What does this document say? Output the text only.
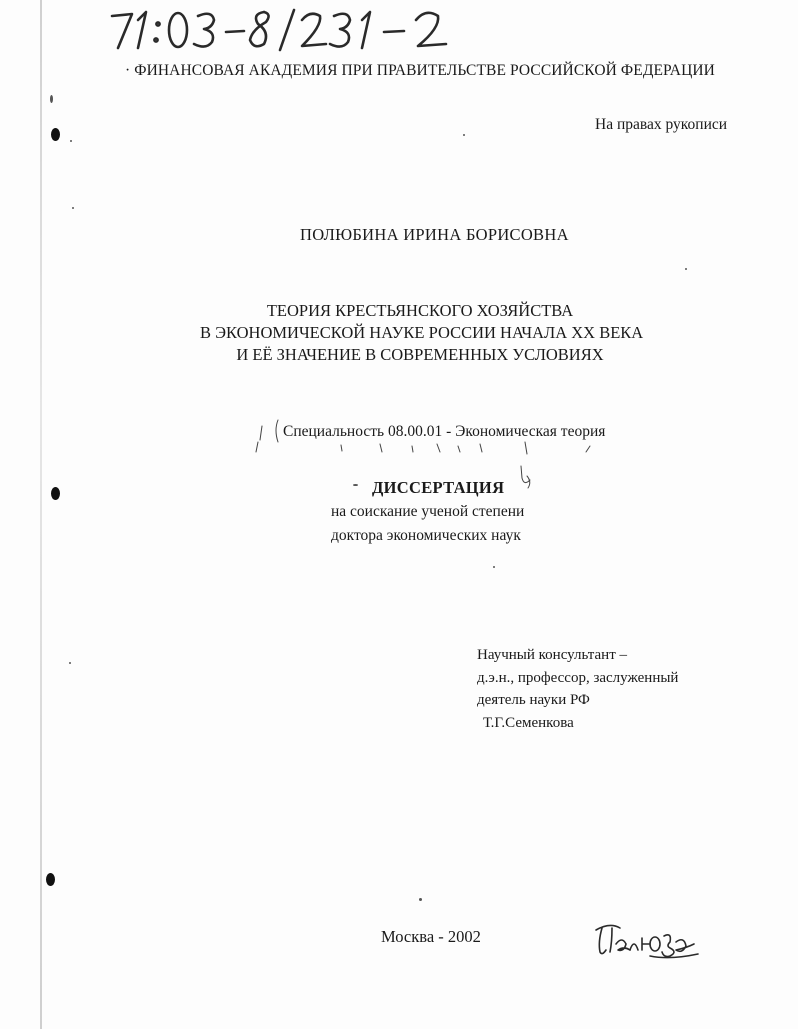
· ФИНАНСОВАЯ АКАДЕМИЯ ПРИ ПРАВИТЕЛЬСТВЕ РОССИЙСКОЙ ФЕДЕРАЦИИ
На правах рукописи
ПОЛЮБИНА ИРИНА БОРИСОВНА
ТЕОРИЯ КРЕСТЬЯНСКОГО ХОЗЯЙСТВА
В ЭКОНОМИЧЕСКОЙ НАУКЕ РОССИИ НАЧАЛА XX ВЕКА
И ЕЁ ЗНАЧЕНИЕ В СОВРЕМЕННЫХ УСЛОВИЯХ
Специальность 08.00.01 - Экономическая теория
ДИССЕРТАЦИЯ
на соискание ученой степени
доктора экономических наук
Научный консультант –
д.э.н., профессор, заслуженный
деятель науки РФ
Т.Г.Семенкова
Москва - 2002
